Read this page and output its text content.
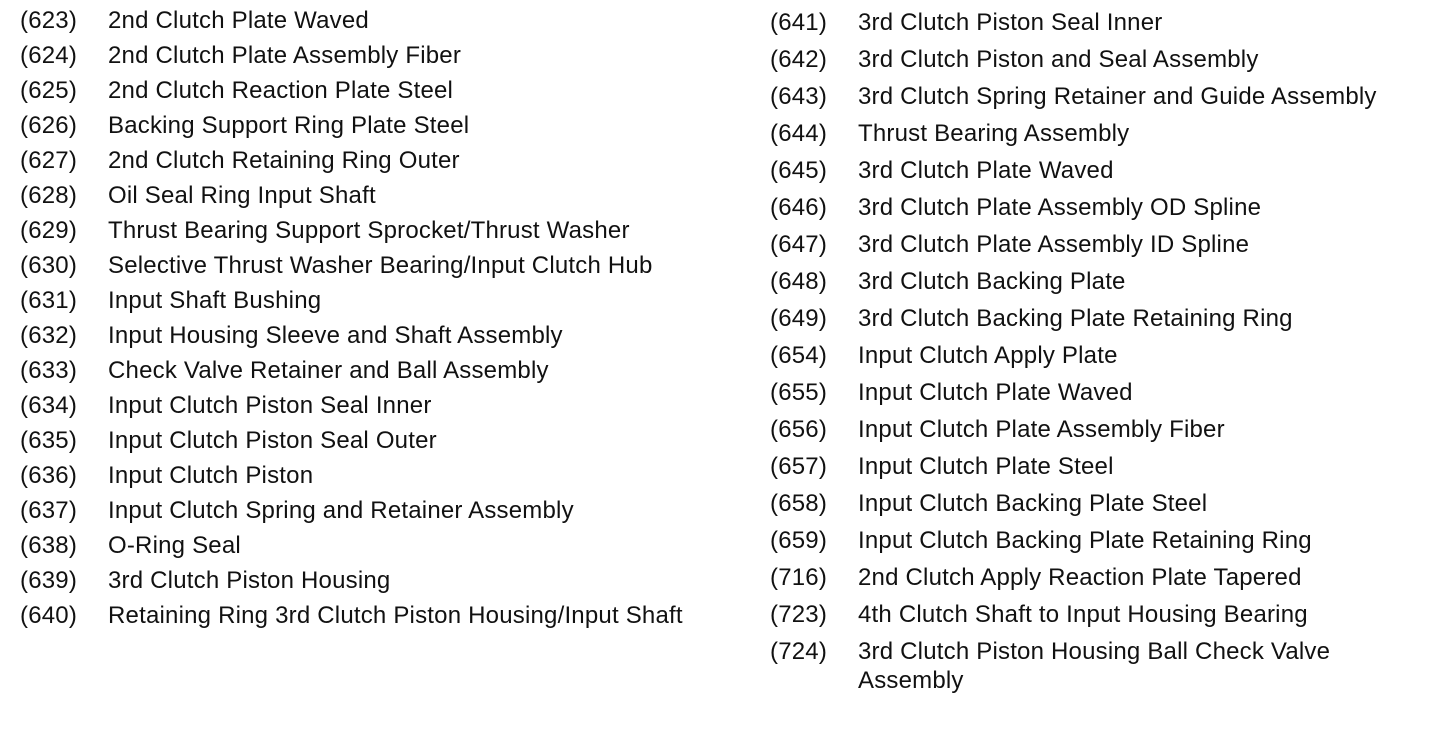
(623)	2nd Clutch Plate Waved
(624)	2nd Clutch Plate Assembly Fiber
(625)	2nd Clutch Reaction Plate Steel
(626)	Backing Support Ring Plate Steel
(627)	2nd Clutch Retaining Ring Outer
(628)	Oil Seal Ring Input Shaft
(629)	Thrust Bearing Support Sprocket/Thrust Washer
(630)	Selective Thrust Washer Bearing/Input Clutch Hub
(631)	Input Shaft Bushing
(632)	Input Housing Sleeve and Shaft Assembly
(633)	Check Valve Retainer and Ball Assembly
(634)	Input Clutch Piston Seal Inner
(635)	Input Clutch Piston Seal Outer
(636)	Input Clutch Piston
(637)	Input Clutch Spring and Retainer Assembly
(638)	O-Ring Seal
(639)	3rd Clutch Piston Housing
(640)	Retaining Ring 3rd Clutch Piston Housing/Input Shaft
(641)	3rd Clutch Piston Seal Inner
(642)	3rd Clutch Piston and Seal Assembly
(643)	3rd Clutch Spring Retainer and Guide Assembly
(644)	Thrust Bearing Assembly
(645)	3rd Clutch Plate Waved
(646)	3rd Clutch Plate Assembly OD Spline
(647)	3rd Clutch Plate Assembly ID Spline
(648)	3rd Clutch Backing Plate
(649)	3rd Clutch Backing Plate Retaining Ring
(654)	Input Clutch Apply Plate
(655)	Input Clutch Plate Waved
(656)	Input Clutch Plate Assembly Fiber
(657)	Input Clutch Plate Steel
(658)	Input Clutch Backing Plate Steel
(659)	Input Clutch Backing Plate Retaining Ring
(716)	2nd Clutch Apply Reaction Plate Tapered
(723)	4th Clutch Shaft to Input Housing Bearing
(724)	3rd Clutch Piston Housing Ball Check Valve Assembly
